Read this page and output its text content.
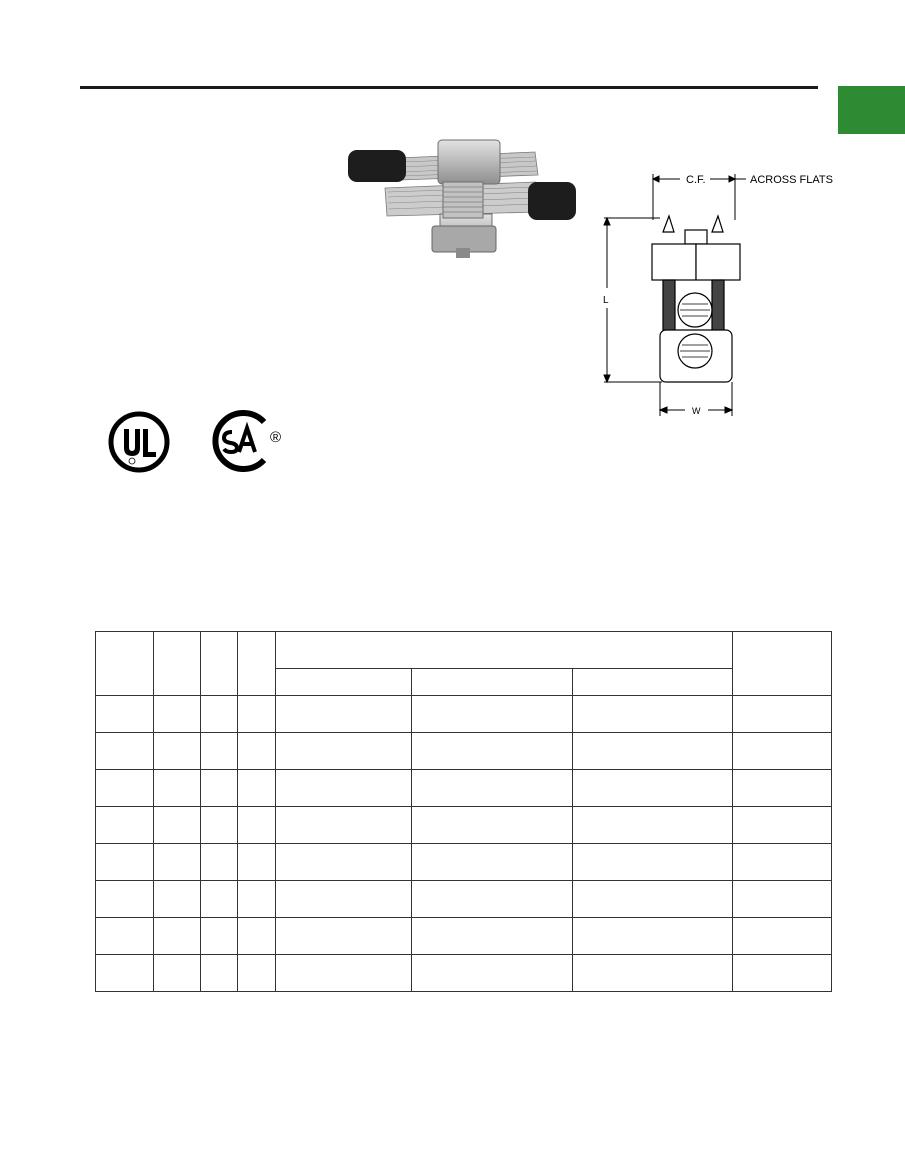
C.F.	ACROSS FLATS
L
W
®
